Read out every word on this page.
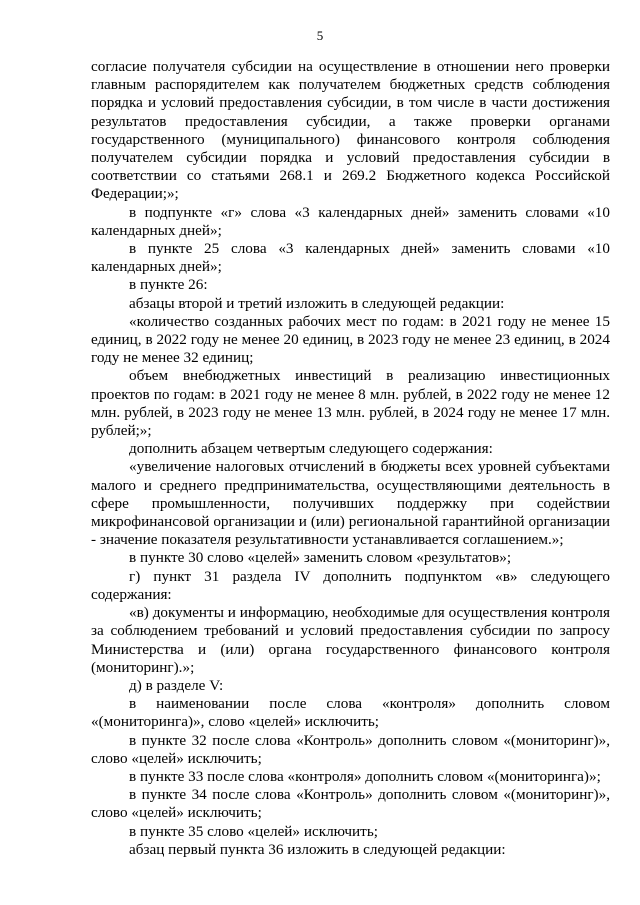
5

согласие получателя субсидии на осуществление в отношении него проверки главным распорядителем как получателем бюджетных средств соблюдения порядка и условий предоставления субсидии, в том числе в части достижения результатов предоставления субсидии, а также проверки органами государственного (муниципального) финансового контроля соблюдения получателем субсидии порядка и условий предоставления субсидии в соответствии со статьями 268.1 и 269.2 Бюджетного кодекса Российской Федерации;»;

в подпункте «г» слова «3 календарных дней» заменить словами «10 календарных дней»;

в пункте 25 слова «3 календарных дней» заменить словами «10 календарных дней»;

в пункте 26:

абзацы второй и третий изложить в следующей редакции:

«количество созданных рабочих мест по годам: в 2021 году не менее 15 единиц, в 2022 году не менее 20 единиц, в 2023 году не менее 23 единиц, в 2024 году не менее 32 единиц;

объем внебюджетных инвестиций в реализацию инвестиционных проектов по годам: в 2021 году не менее 8 млн. рублей, в 2022 году не менее 12 млн. рублей, в 2023 году не менее 13 млн. рублей, в 2024 году не менее 17 млн. рублей;»;

дополнить абзацем четвертым следующего содержания:

«увеличение налоговых отчислений в бюджеты всех уровней субъектами малого и среднего предпринимательства, осуществляющими деятельность в сфере промышленности, получивших поддержку при содействии микрофинансовой организации и (или) региональной гарантийной организации - значение показателя результативности устанавливается соглашением.»;

в пункте 30 слово «целей» заменить словом «результатов»;

г) пункт 31 раздела IV дополнить подпунктом «в» следующего содержания:

«в) документы и информацию, необходимые для осуществления контроля за соблюдением требований и условий предоставления субсидии по запросу Министерства и (или) органа государственного финансового контроля (мониторинг).»;

д) в разделе V:

в наименовании после слова «контроля» дополнить словом «(мониторинга)», слово «целей» исключить;

в пункте 32 после слова «Контроль» дополнить словом «(мониторинг)», слово «целей» исключить;

в пункте 33 после слова «контроля» дополнить словом «(мониторинга)»;

в пункте 34 после слова «Контроль» дополнить словом «(мониторинг)», слово «целей» исключить;

в пункте 35 слово «целей» исключить;

абзац первый пункта 36 изложить в следующей редакции:
